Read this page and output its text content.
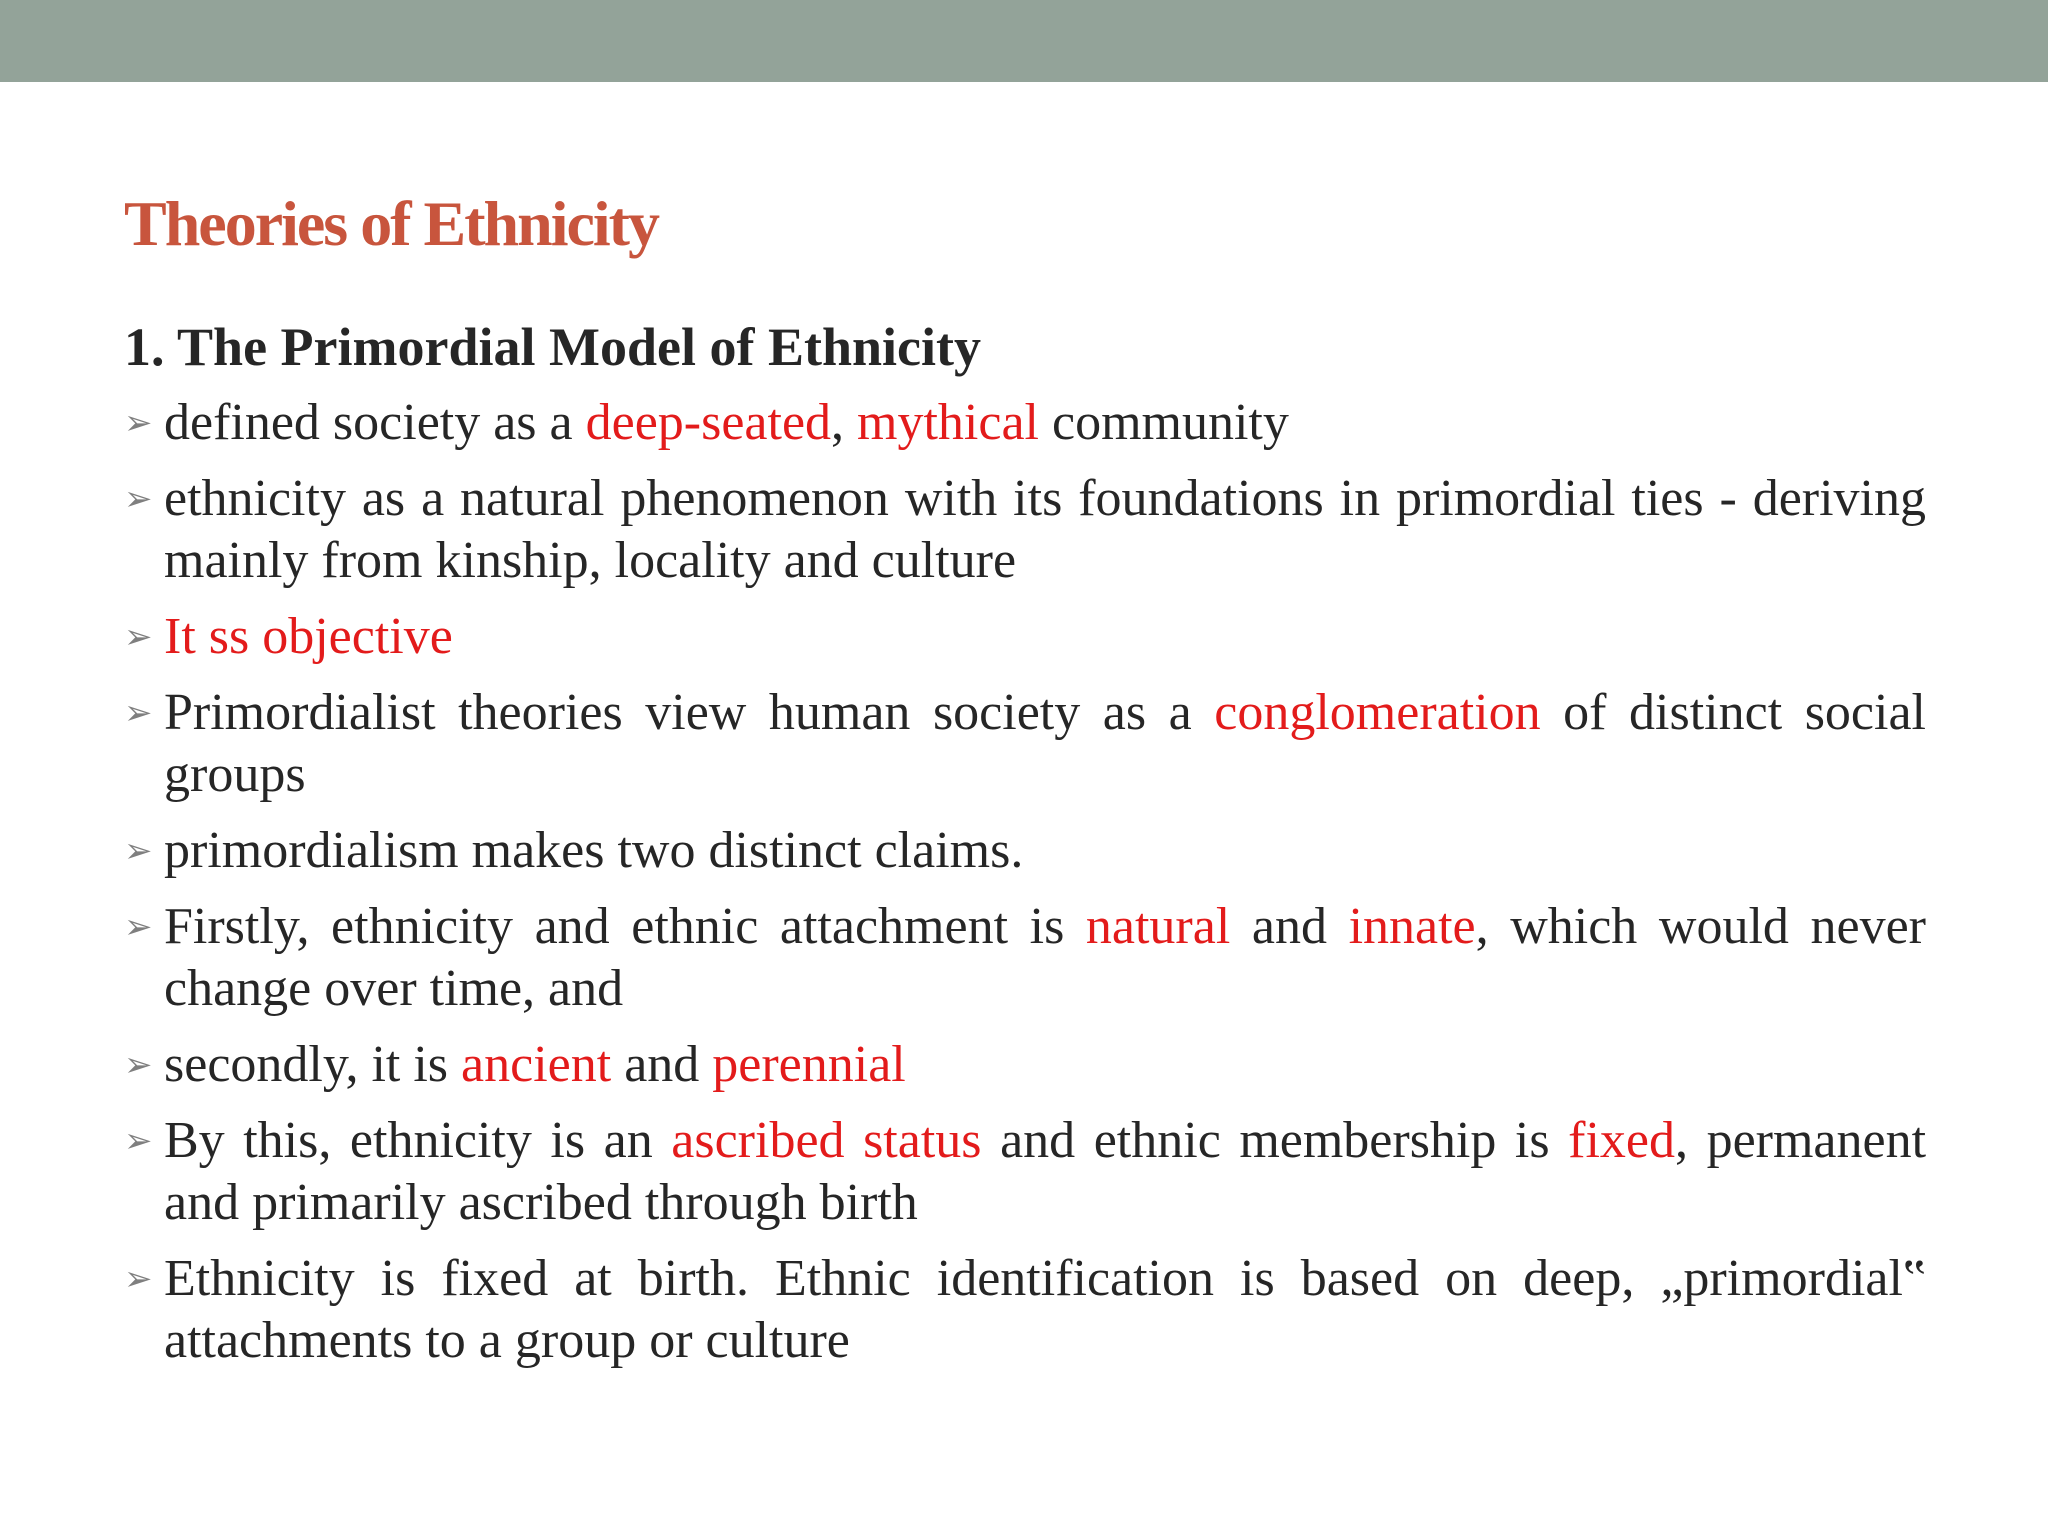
Theories of Ethnicity
1. The Primordial Model of Ethnicity
➢ defined society as a deep-seated, mythical community
➢ ethnicity as a natural phenomenon with its foundations in primordial ties - deriving mainly from kinship, locality and culture
➢ It ss objective
➢ Primordialist theories view human society as a conglomeration of distinct social groups
➢ primordialism makes two distinct claims.
➢ Firstly, ethnicity and ethnic attachment is natural and innate, which would never change over time, and
➢ secondly, it is ancient and perennial
➢ By this, ethnicity is an ascribed status and ethnic membership is fixed, permanent and primarily ascribed through birth
➢ Ethnicity is fixed at birth. Ethnic identification is based on deep, „primordial‟ attachments to a group or culture
